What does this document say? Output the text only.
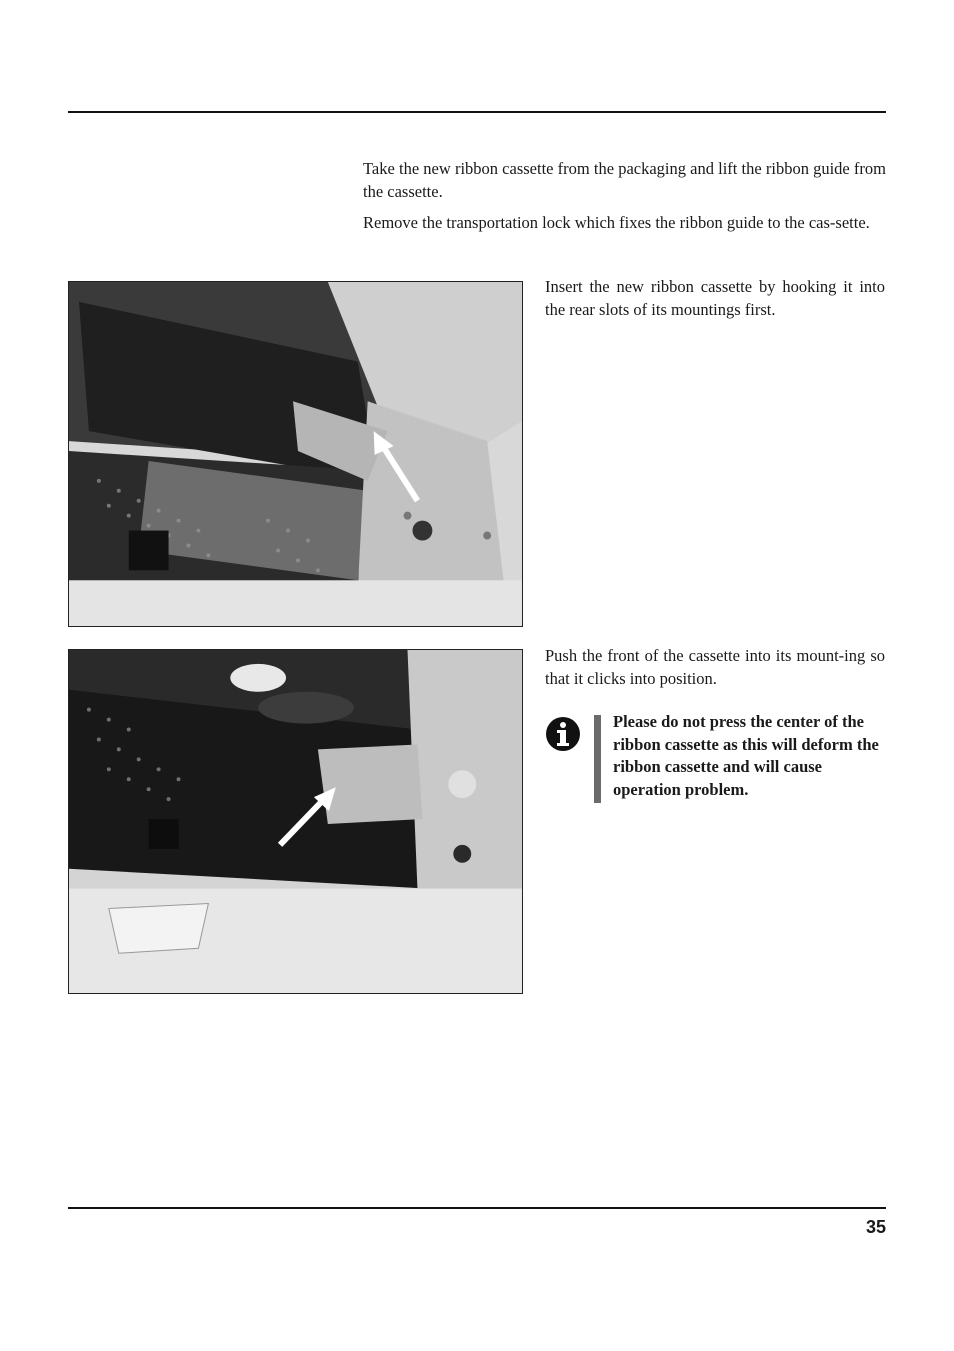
Take the new ribbon cassette from the packaging and lift the ribbon guide from the cassette.

Remove the transportation lock which fixes the ribbon guide to the cas-sette.

Insert the new ribbon cassette by hooking it into the rear slots of its mountings first.

Push the front of the cassette into its mount-ing so that it clicks into position.

Please do not press the center of the ribbon cassette as this will deform the ribbon cassette and will cause operation problem.

35
